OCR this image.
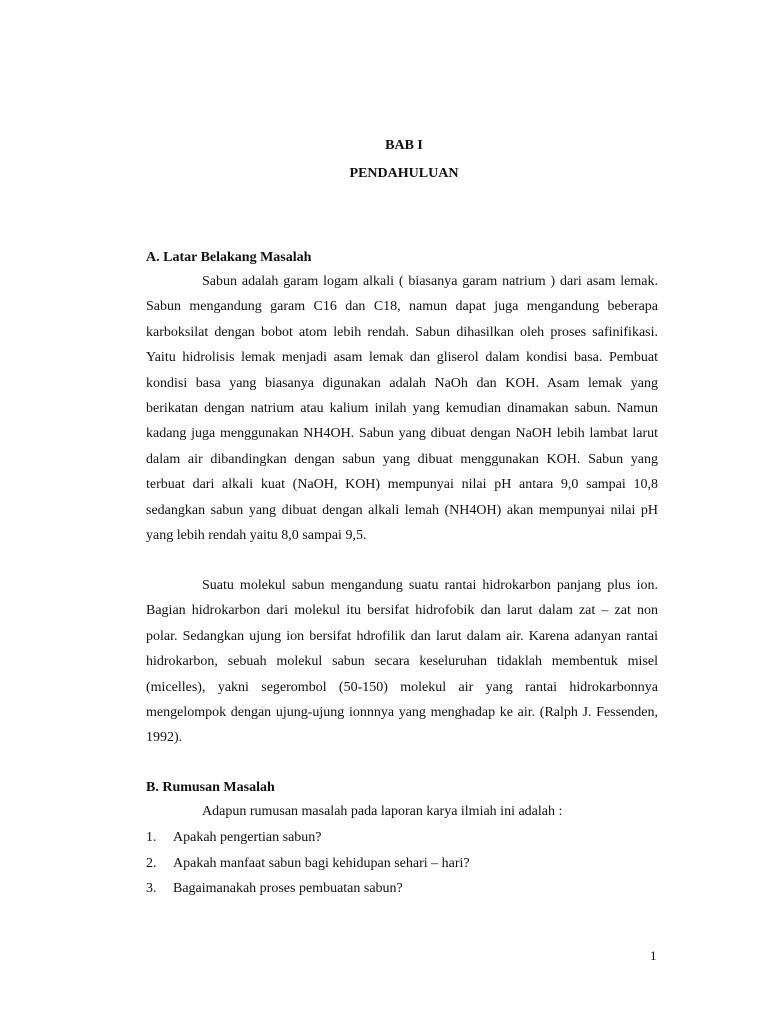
BAB I
PENDAHULUAN
A. Latar Belakang Masalah

Sabun adalah garam logam alkali ( biasanya garam natrium ) dari asam lemak. Sabun mengandung garam C16 dan C18, namun dapat juga mengandung beberapa karboksilat dengan bobot atom lebih rendah. Sabun dihasilkan oleh proses safinifikasi. Yaitu hidrolisis lemak menjadi asam lemak dan gliserol dalam kondisi basa. Pembuat kondisi basa yang biasanya digunakan adalah NaOh dan KOH. Asam lemak yang berikatan dengan natrium atau kalium inilah yang kemudian dinamakan sabun. Namun kadang juga menggunakan NH4OH. Sabun yang dibuat dengan NaOH lebih lambat larut dalam air dibandingkan dengan sabun yang dibuat menggunakan KOH. Sabun yang terbuat dari alkali kuat (NaOH, KOH) mempunyai nilai pH antara 9,0 sampai 10,8 sedangkan sabun yang dibuat dengan alkali lemah (NH4OH) akan mempunyai nilai pH yang lebih rendah yaitu 8,0 sampai 9,5.

Suatu molekul sabun mengandung suatu rantai hidrokarbon panjang plus ion. Bagian hidrokarbon dari molekul itu bersifat hidrofobik dan larut dalam zat – zat non polar. Sedangkan ujung ion bersifat hdrofilik dan larut dalam air. Karena adanyan rantai hidrokarbon, sebuah molekul sabun secara keseluruhan tidaklah membentuk misel (micelles), yakni segerombol (50-150) molekul air yang rantai hidrokarbonnya mengelompok dengan ujung-ujung ionnnya yang menghadap ke air. (Ralph J. Fessenden, 1992).

B. Rumusan Masalah

Adapun rumusan masalah pada laporan karya ilmiah ini adalah :

1. Apakah pengertian sabun?
2. Apakah manfaat sabun bagi kehidupan sehari – hari?
3. Bagaimanakah proses pembuatan sabun?
1
